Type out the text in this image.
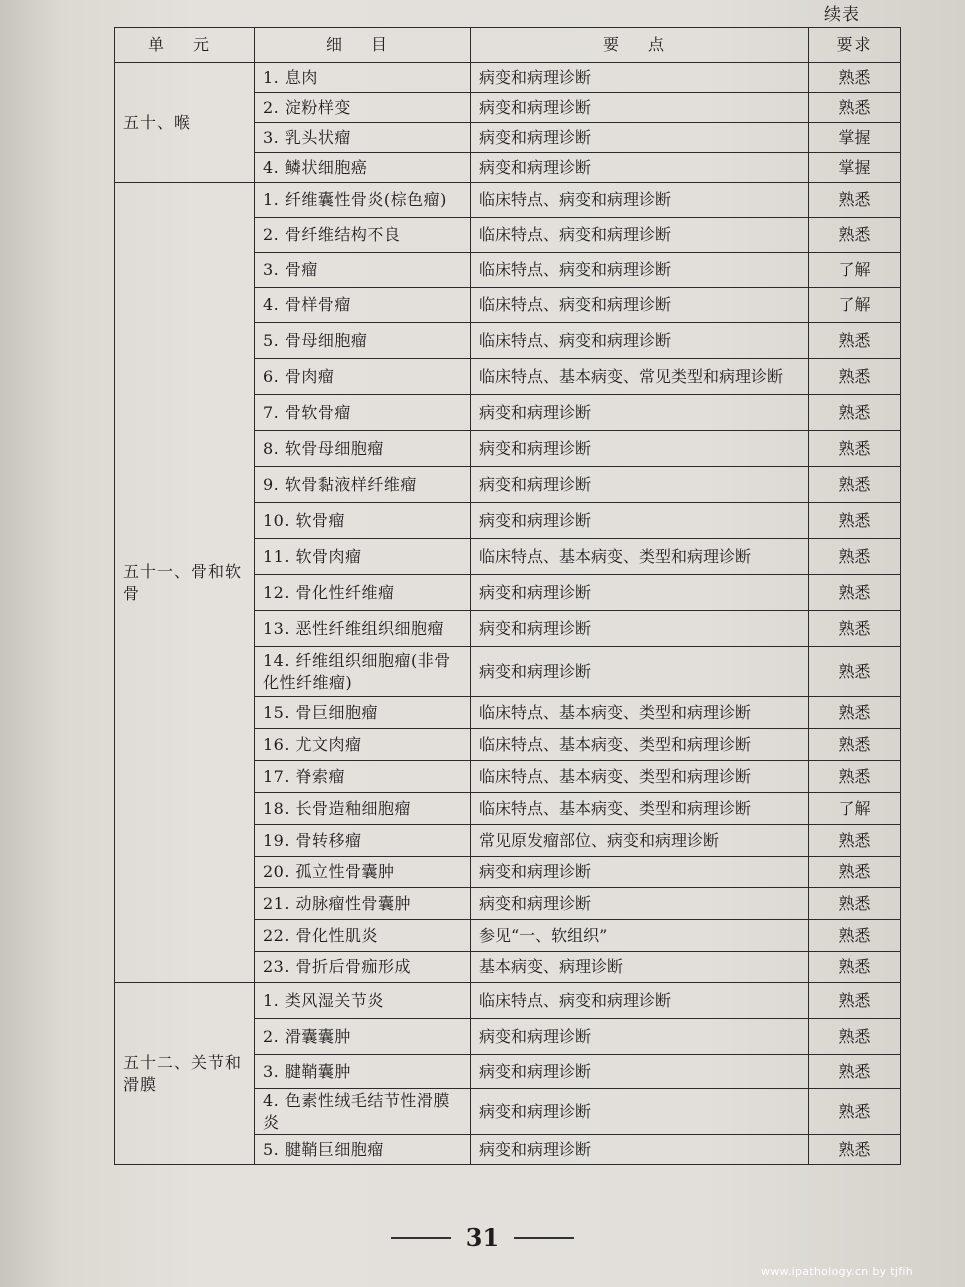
续表
单 元	细 目	要 点	要求
五十、喉	1. 息肉	病变和病理诊断	熟悉
	2. 淀粉样变	病变和病理诊断	熟悉
	3. 乳头状瘤	病变和病理诊断	掌握
	4. 鳞状细胞癌	病变和病理诊断	掌握
五十一、骨和软骨	1. 纤维囊性骨炎(棕色瘤)	临床特点、病变和病理诊断	熟悉
	2. 骨纤维结构不良	临床特点、病变和病理诊断	熟悉
	3. 骨瘤	临床特点、病变和病理诊断	了解
	4. 骨样骨瘤	临床特点、病变和病理诊断	了解
	5. 骨母细胞瘤	临床特点、病变和病理诊断	熟悉
	6. 骨肉瘤	临床特点、基本病变、常见类型和病理诊断	熟悉
	7. 骨软骨瘤	病变和病理诊断	熟悉
	8. 软骨母细胞瘤	病变和病理诊断	熟悉
	9. 软骨黏液样纤维瘤	病变和病理诊断	熟悉
	10. 软骨瘤	病变和病理诊断	熟悉
	11. 软骨肉瘤	临床特点、基本病变、类型和病理诊断	熟悉
	12. 骨化性纤维瘤	病变和病理诊断	熟悉
	13. 恶性纤维组织细胞瘤	病变和病理诊断	熟悉
	14. 纤维组织细胞瘤(非骨化性纤维瘤)	病变和病理诊断	熟悉
	15. 骨巨细胞瘤	临床特点、基本病变、类型和病理诊断	熟悉
	16. 尤文肉瘤	临床特点、基本病变、类型和病理诊断	熟悉
	17. 脊索瘤	临床特点、基本病变、类型和病理诊断	熟悉
	18. 长骨造釉细胞瘤	临床特点、基本病变、类型和病理诊断	了解
	19. 骨转移瘤	常见原发瘤部位、病变和病理诊断	熟悉
	20. 孤立性骨囊肿	病变和病理诊断	熟悉
	21. 动脉瘤性骨囊肿	病变和病理诊断	熟悉
	22. 骨化性肌炎	参见“一、软组织”	熟悉
	23. 骨折后骨痂形成	基本病变、病理诊断	熟悉
五十二、关节和滑膜	1. 类风湿关节炎	临床特点、病变和病理诊断	熟悉
	2. 滑囊囊肿	病变和病理诊断	熟悉
	3. 腱鞘囊肿	病变和病理诊断	熟悉
	4. 色素性绒毛结节性滑膜炎	病变和病理诊断	熟悉
	5. 腱鞘巨细胞瘤	病变和病理诊断	熟悉
31
www.ipathology.cn by tjfih
